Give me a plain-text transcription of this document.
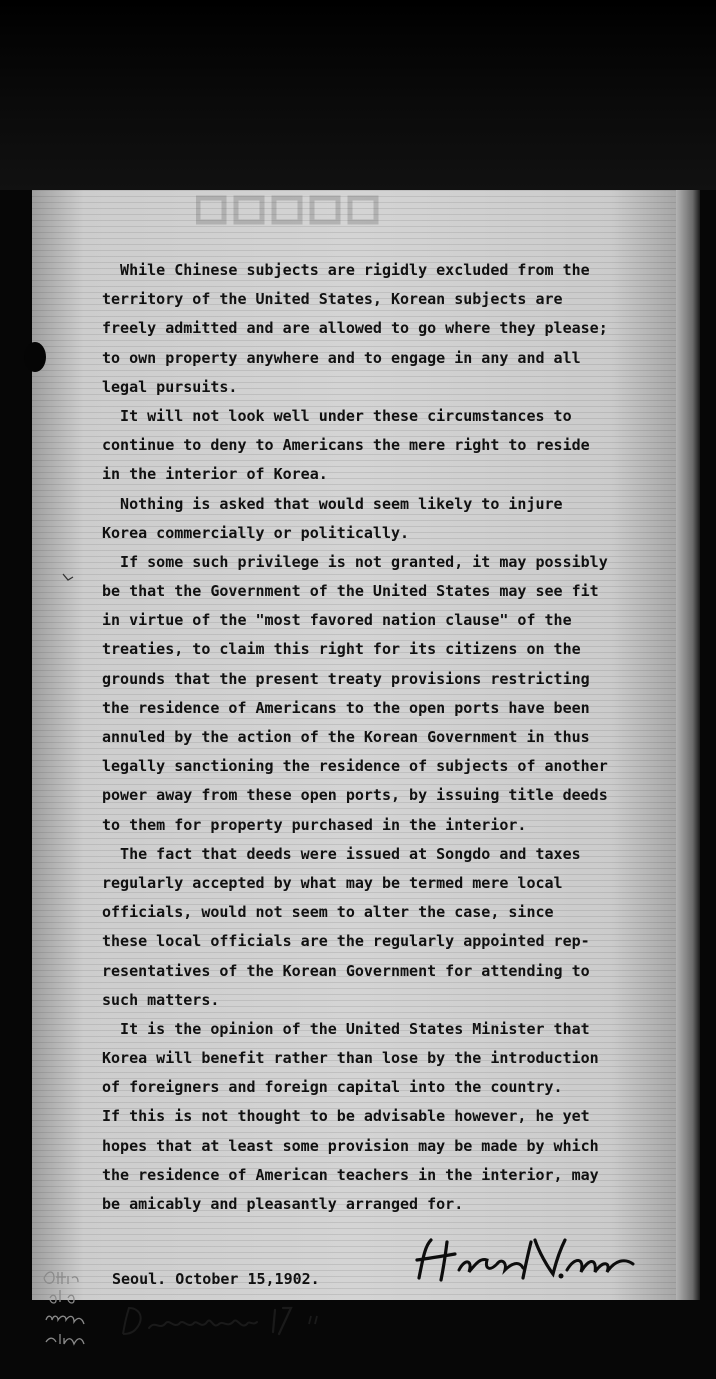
While Chinese subjects are rigidly excluded from the
territory of the United States, Korean subjects are
freely admitted and are allowed to go where they please;
to own property anywhere and to engage in any and all
legal pursuits.
It will not look well under these circumstances to
continue to deny to Americans the mere right to reside
in the interior of Korea.
Nothing is asked that would seem likely to injure
Korea commercially or politically.
If some such privilege is not granted, it may possibly
be that the Government of the United States may see fit
in virtue of the "most favored nation clause" of the
treaties, to claim this right for its citizens on the
grounds that the present treaty provisions restricting
the residence of Americans to the open ports have been
annuled by the action of the Korean Government in thus
legally sanctioning the residence of subjects of another
power away from these open ports, by issuing title deeds
to them for property purchased in the interior.
The fact that deeds were issued at Songdo and taxes
regularly accepted by what may be termed mere local
officials, would not seem to alter the case, since
these local officials are the regularly appointed rep-
resentatives of the Korean Government for attending to
such matters.
It is the opinion of the United States Minister that
Korea will benefit rather than lose by the introduction
of foreigners and foreign capital into the country.
If this is not thought to be advisable however, he yet
hopes that at least some provision may be made by which
the residence of American teachers in the interior, may
be amicably and pleasantly arranged for.
Seoul. October 15,1902.
